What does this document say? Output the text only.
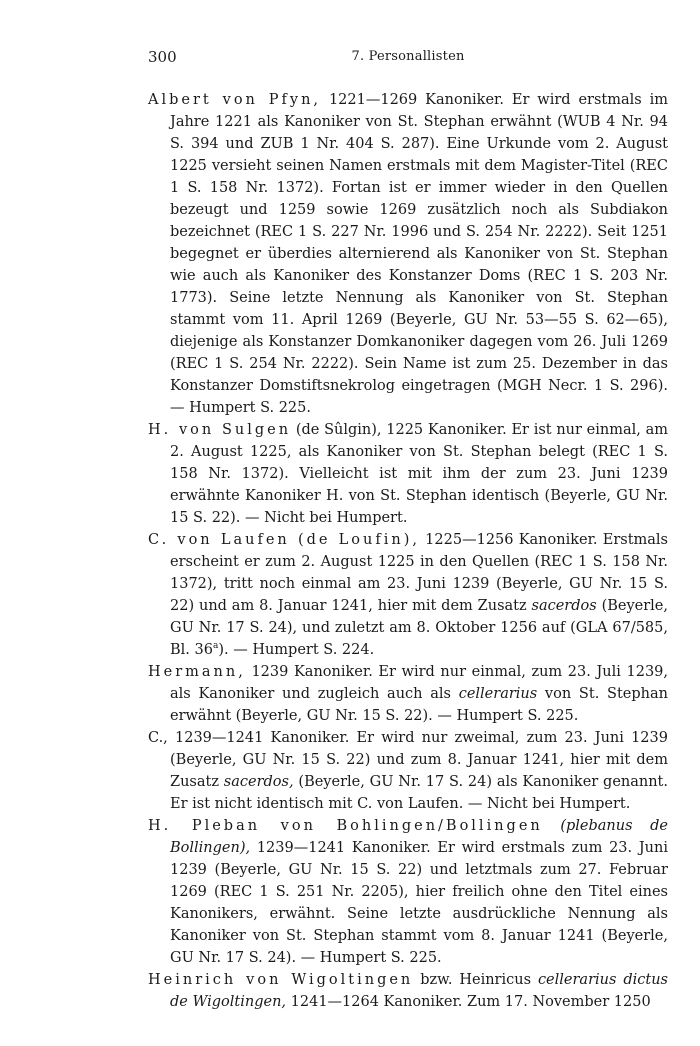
300	7. Personallisten

Albert von Pfyn, 1221—1269 Kanoniker. Er wird erstmals im Jahre 1221 als Kanoniker von St. Stephan erwähnt (WUB 4 Nr. 94 S. 394 und ZUB 1 Nr. 404 S. 287). Eine Urkunde vom 2. August 1225 versieht seinen Namen erstmals mit dem Magister-Titel (REC 1 S. 158 Nr. 1372). Fortan ist er immer wieder in den Quellen bezeugt und 1259 sowie 1269 zusätzlich noch als Subdiakon bezeichnet (REC 1 S. 227 Nr. 1996 und S. 254 Nr. 2222). Seit 1251 begegnet er überdies alternierend als Kanoniker von St. Stephan wie auch als Kanoniker des Konstanzer Doms (REC 1 S. 203 Nr. 1773). Seine letzte Nennung als Kanoniker von St. Stephan stammt vom 11. April 1269 (Beyerle, GU Nr. 53—55 S. 62—65), diejenige als Konstanzer Domkanoniker dagegen vom 26. Juli 1269 (REC 1 S. 254 Nr. 2222). Sein Name ist zum 25. Dezember in das Konstanzer Domstiftsnekrolog eingetragen (MGH Necr. 1 S. 296). — Humpert S. 225.

H. von Sulgen (de Sûlgin), 1225 Kanoniker. Er ist nur einmal, am 2. August 1225, als Kanoniker von St. Stephan belegt (REC 1 S. 158 Nr. 1372). Vielleicht ist mit ihm der zum 23. Juni 1239 erwähnte Kanoniker H. von St. Stephan identisch (Beyerle, GU Nr. 15 S. 22). — Nicht bei Humpert.

C. von Laufen (de Loufin), 1225—1256 Kanoniker. Erstmals erscheint er zum 2. August 1225 in den Quellen (REC 1 S. 158 Nr. 1372), tritt noch einmal am 23. Juni 1239 (Beyerle, GU Nr. 15 S. 22) und am 8. Januar 1241, hier mit dem Zusatz sacerdos (Beyerle, GU Nr. 17 S. 24), und zuletzt am 8. Oktober 1256 auf (GLA 67/585, Bl. 36$^a$). — Humpert S. 224.

Hermann, 1239 Kanoniker. Er wird nur einmal, zum 23. Juli 1239, als Kanoniker und zugleich auch als cellerarius von St. Stephan erwähnt (Beyerle, GU Nr. 15 S. 22). — Humpert S. 225.

C., 1239—1241 Kanoniker. Er wird nur zweimal, zum 23. Juni 1239 (Beyerle, GU Nr. 15 S. 22) und zum 8. Januar 1241, hier mit dem Zusatz sacerdos, (Beyerle, GU Nr. 17 S. 24) als Kanoniker genannt. Er ist nicht identisch mit C. von Laufen. — Nicht bei Humpert.

H. Pleban von Bohlingen/Bollingen (plebanus de Bollingen), 1239—1241 Kanoniker. Er wird erstmals zum 23. Juni 1239 (Beyerle, GU Nr. 15 S. 22) und letztmals zum 27. Februar 1269 (REC 1 S. 251 Nr. 2205), hier freilich ohne den Titel eines Kanonikers, erwähnt. Seine letzte ausdrückliche Nennung als Kanoniker von St. Stephan stammt vom 8. Januar 1241 (Beyerle, GU Nr. 17 S. 24). — Humpert S. 225.

Heinrich von Wigoltingen bzw. Heinricus cellerarius dictus de Wigoltingen, 1241—1264 Kanoniker. Zum 17. November 1250
